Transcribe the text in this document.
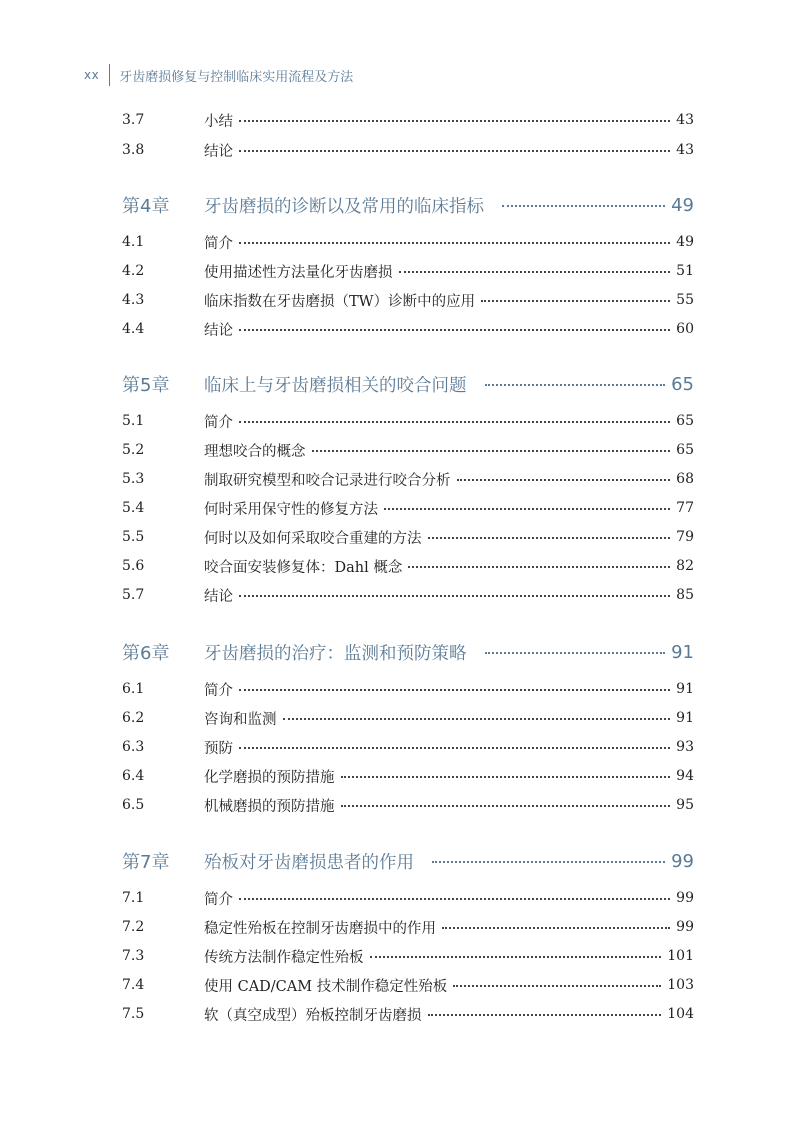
xx 牙齿磨损修复与控制临床实用流程及方法
3.7	小结	43
3.8	结论	43
第4章	牙齿磨损的诊断以及常用的临床指标	49
4.1	简介	49
4.2	使用描述性方法量化牙齿磨损	51
4.3	临床指数在牙齿磨损（TW）诊断中的应用	55
4.4	结论	60
第5章	临床上与牙齿磨损相关的咬合问题	65
5.1	简介	65
5.2	理想咬合的概念	65
5.3	制取研究模型和咬合记录进行咬合分析	68
5.4	何时采用保守性的修复方法	77
5.5	何时以及如何采取咬合重建的方法	79
5.6	咬合面安装修复体：Dahl 概念	82
5.7	结论	85
第6章	牙齿磨损的治疗：监测和预防策略	91
6.1	简介	91
6.2	咨询和监测	91
6.3	预防	93
6.4	化学磨损的预防措施	94
6.5	机械磨损的预防措施	95
第7章	殆板对牙齿磨损患者的作用	99
7.1	简介	99
7.2	稳定性殆板在控制牙齿磨损中的作用	99
7.3	传统方法制作稳定性殆板	101
7.4	使用 CAD/CAM 技术制作稳定性殆板	103
7.5	软（真空成型）殆板控制牙齿磨损	104
